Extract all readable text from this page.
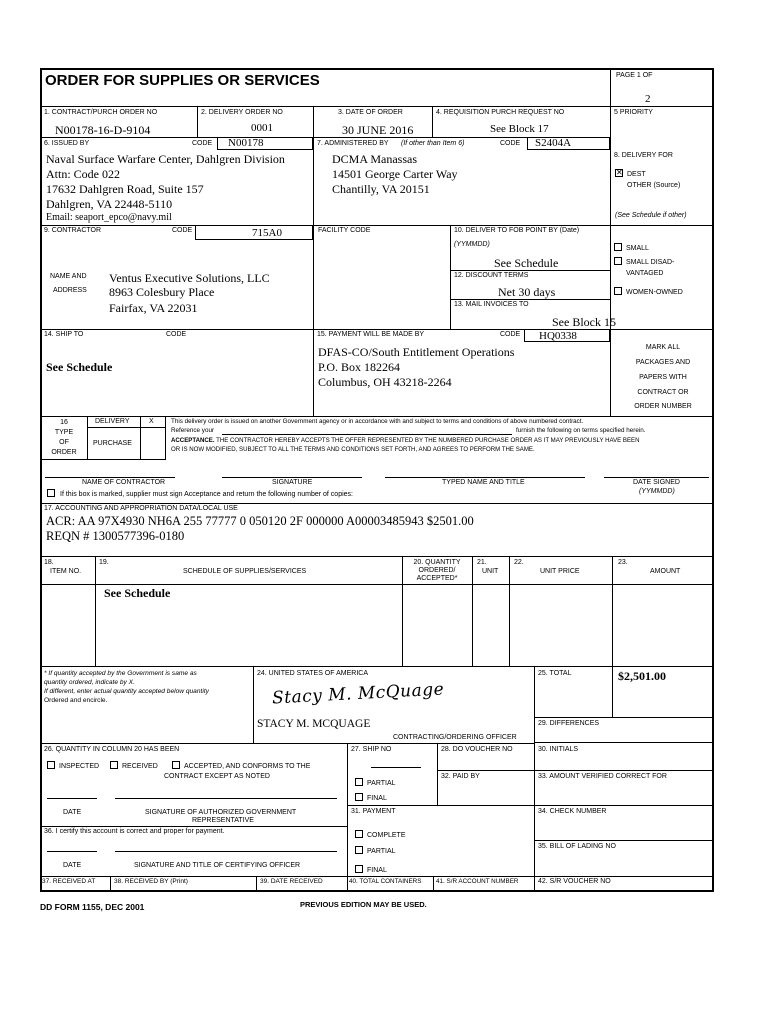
ORDER FOR SUPPLIES OR SERVICES	PAGE 1 OF
2
1. CONTRACT/PURCH ORDER NO
N00178-16-D-9104
2. DELIVERY ORDER NO
0001
3. DATE OF ORDER
30 JUNE 2016
4. REQUISITION PURCH REQUEST NO
See Block 17
5 PRIORITY
6. ISSUED BY	CODE N00178
Naval Surface Warfare Center, Dahlgren Division
Attn: Code 022
17632 Dahlgren Road, Suite 157
Dahlgren, VA 22448-5110
Email: seaport_epco@navy.mil
7. ADMINISTERED BY (If other than Item 6)	CODE S2404A
DCMA Manassas
14501 George Carter Way
Chantilly, VA 20151
8. DELIVERY FOR
✕ DEST
OTHER (Source)
(See Schedule if other)
9. CONTRACTOR	CODE	715A0	FACILITY CODE
NAME AND
ADDRESS
Ventus Executive Solutions, LLC
8963 Colesbury Place
Fairfax, VA 22031
10. DELIVER TO FOB POINT BY (Date)
(YYMMDD)
See Schedule
12. DISCOUNT TERMS
Net 30 days
13. MAIL INVOICES TO
See Block 15
SMALL
SMALL DISAD-
VANTAGED
WOMEN-OWNED
14. SHIP TO	CODE
See Schedule
15. PAYMENT WILL BE MADE BY	CODE HQ0338
DFAS-CO/South Entitlement Operations
P.O. Box 182264
Columbus, OH 43218-2264
MARK ALL
PACKAGES AND
PAPERS WITH
CONTRACT OR
ORDER NUMBER
16
TYPE
OF
ORDER
DELIVERY	X
PURCHASE
This delivery order is issued on another Government agency or in accordance with and subject to terms and conditions of above numbered contract.
Reference your	furnish the following on terms specified herein.
ACCEPTANCE. THE CONTRACTOR HEREBY ACCEPTS THE OFFER REPRESENTED BY THE NUMBERED PURCHASE ORDER AS IT MAY PREVIOUSLY HAVE BEEN
OR IS NOW MODIFIED, SUBJECT TO ALL THE TERMS AND CONDITIONS SET FORTH, AND AGREES TO PERFORM THE SAME.
NAME OF CONTRACTOR	SIGNATURE	TYPED NAME AND TITLE	DATE SIGNED
(YYMMDD)
If this box is marked, supplier must sign Acceptance and return the following number of copies:
17. ACCOUNTING AND APPROPRIATION DATA/LOCAL USE
ACR: AA 97X4930 NH6A 255 77777 0 050120 2F 000000 A00003485943 $2501.00
REQN # 1300577396-0180
18.
ITEM NO.
19.
SCHEDULE OF SUPPLIES/SERVICES
20. QUANTITY
ORDERED/
ACCEPTED*
21.
UNIT
22.
UNIT PRICE
23.
AMOUNT
See Schedule
* If quantity accepted by the Government is same as
quantity ordered, indicate by X.
If different, enter actual quantity accepted below quantity
Ordered and encircle.
24. UNITED STATES OF AMERICA
Stacy M. McQuage
STACY M. MCQUAGE
CONTRACTING/ORDERING OFFICER
25. TOTAL	$2,501.00
29. DIFFERENCES
26. QUANTITY IN COLUMN 20 HAS BEEN
INSPECTED	RECEIVED	ACCEPTED, AND CONFORMS TO THE
CONTRACT EXCEPT AS NOTED
DATE	SIGNATURE OF AUTHORIZED GOVERNMENT
REPRESENTATIVE
36. I certify this account is correct and proper for payment.
DATE	SIGNATURE AND TITLE OF CERTIFYING OFFICER
27. SHIP NO
PARTIAL
FINAL
28. DO VOUCHER NO	30. INITIALS
32. PAID BY	33. AMOUNT VERIFIED CORRECT FOR
31. PAYMENT
COMPLETE
PARTIAL
FINAL
34. CHECK NUMBER
35. BILL OF LADING NO
37. RECEIVED AT	38. RECEIVED BY (Print)	39. DATE RECEIVED	40. TOTAL CONTAINERS 41. S/R ACCOUNT NUMBER	42. S/R VOUCHER NO
DD FORM 1155, DEC 2001	PREVIOUS EDITION MAY BE USED.
